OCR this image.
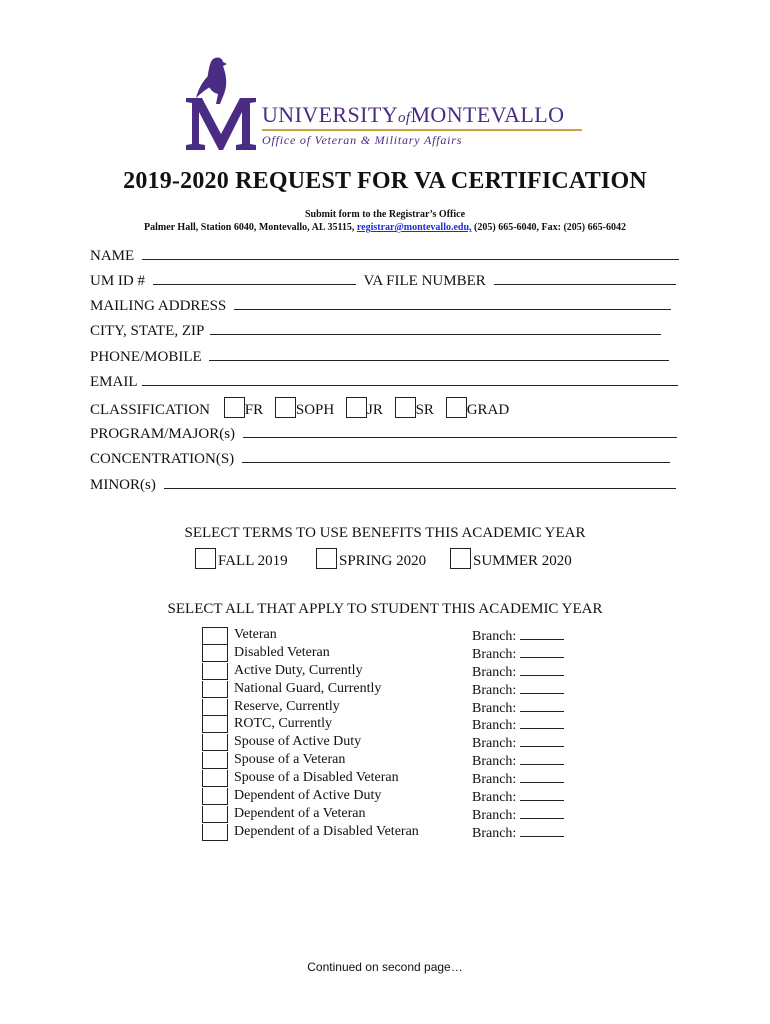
UNIVERSITYofMONTEVALLO
Office of Veteran & Military Affairs
2019-2020 REQUEST FOR VA CERTIFICATION
Submit form to the Registrar’s Office
Palmer Hall, Station 6040, Montevallo, AL 35115, registrar@montevallo.edu, (205) 665-6040, Fax: (205) 665-6042
NAME
UM ID #	VA FILE NUMBER
MAILING ADDRESS
CITY, STATE, ZIP
PHONE/MOBILE
EMAIL
CLASSIFICATION FR SOPH JR SR GRAD
PROGRAM/MAJOR(s)
CONCENTRATION(S)
MINOR(s)
SELECT TERMS TO USE BENEFITS THIS ACADEMIC YEAR
FALL 2019	SPRING 2020	SUMMER 2020
SELECT ALL THAT APPLY TO STUDENT THIS ACADEMIC YEAR
Veteran	Branch:
Disabled Veteran	Branch:
Active Duty, Currently	Branch:
National Guard, Currently	Branch:
Reserve, Currently	Branch:
ROTC, Currently	Branch:
Spouse of Active Duty	Branch:
Spouse of a Veteran	Branch:
Spouse of a Disabled Veteran	Branch:
Dependent of Active Duty	Branch:
Dependent of a Veteran	Branch:
Dependent of a Disabled Veteran	Branch:
Continued on second page…
